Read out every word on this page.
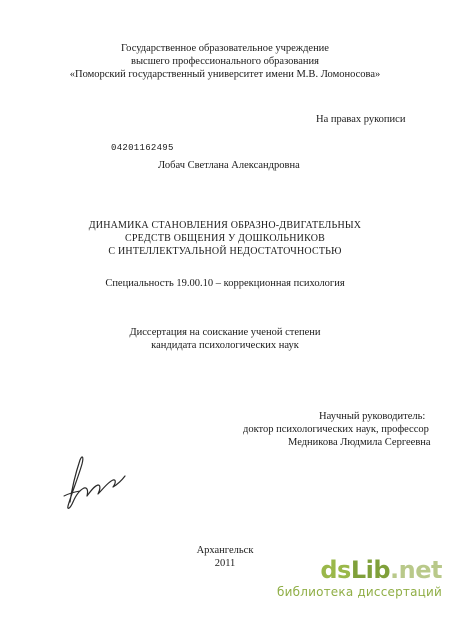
Государственное образовательное учреждение
высшего профессионального образования
«Поморский государственный университет имени М.В. Ломоносова»
На правах рукописи
04201162495
Лобач Светлана Александровна
ДИНАМИКА СТАНОВЛЕНИЯ ОБРАЗНО-ДВИГАТЕЛЬНЫХ
СРЕДСТВ ОБЩЕНИЯ У ДОШКОЛЬНИКОВ
С ИНТЕЛЛЕКТУАЛЬНОЙ НЕДОСТАТОЧНОСТЬЮ
Специальность 19.00.10 – коррекционная психология
Диссертация на соискание ученой степени
кандидата психологических наук
Научный руководитель:
доктор психологических наук, профессор
Медникова Людмила Сергеевна
Архангельск
2011	dsLib.net
библиотека диссертаций
